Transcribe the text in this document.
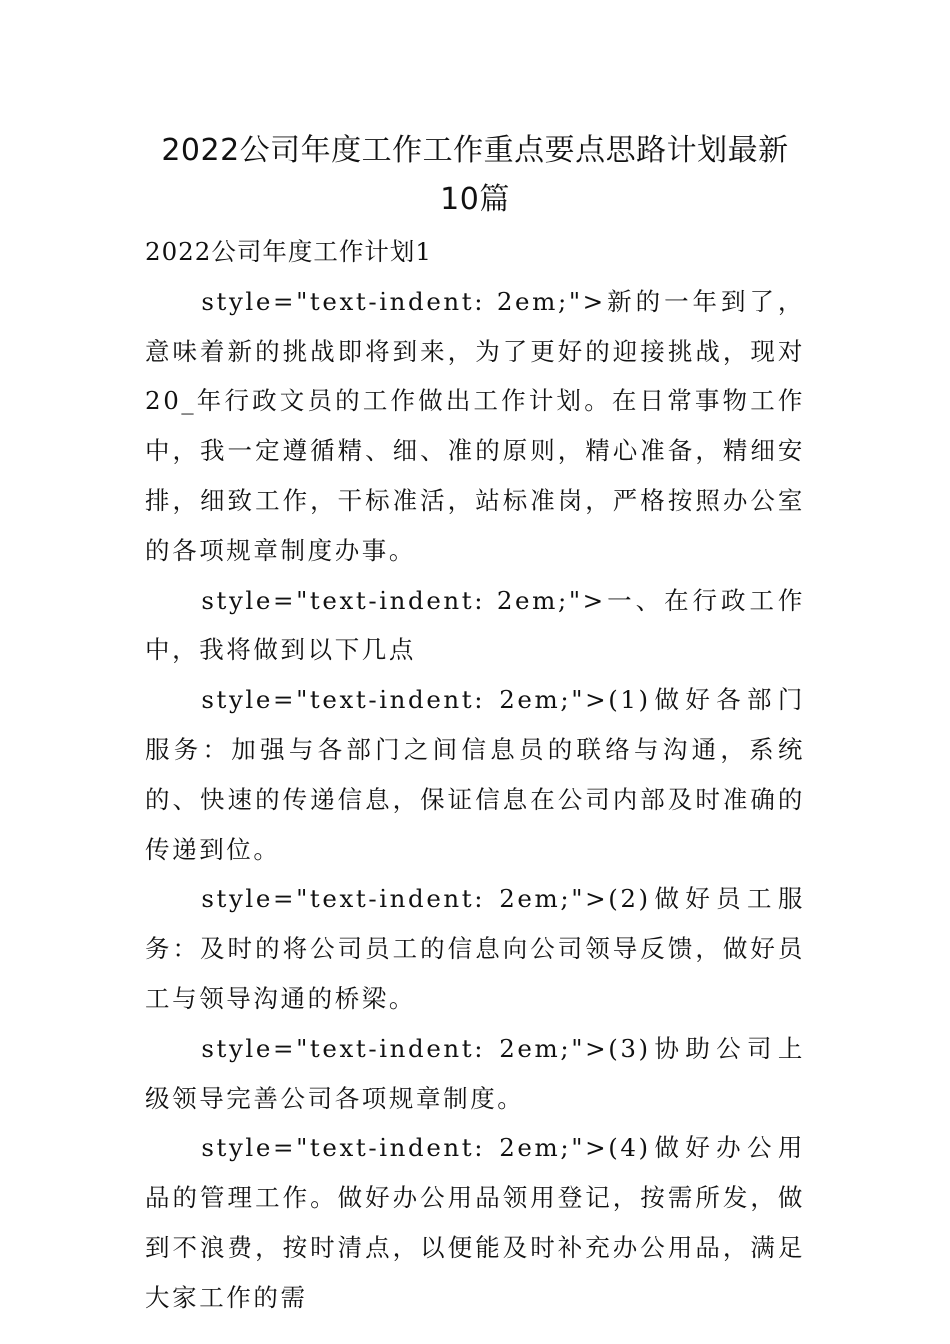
2022公司年度工作工作重点要点思路计划最新10篇

2022公司年度工作计划1

style="text-indent: 2em;">新的一年到了，意味着新的挑战即将到来，为了更好的迎接挑战，现对20_年行政文员的工作做出工作计划。在日常事物工作中，我一定遵循精、细、准的原则，精心准备，精细安排，细致工作，干标准活，站标准岗，严格按照办公室的各项规章制度办事。

style="text-indent: 2em;">一、在行政工作中，我将做到以下几点

style="text-indent: 2em;">(1)做好各部门服务：加强与各部门之间信息员的联络与沟通，系统的、快速的传递信息，保证信息在公司内部及时准确的传递到位。

style="text-indent: 2em;">(2)做好员工服务：及时的将公司员工的信息向公司领导反馈，做好员工与领导沟通的桥梁。

style="text-indent: 2em;">(3)协助公司上级领导完善公司各项规章制度。

style="text-indent: 2em;">(4)做好办公用品的管理工作。做好办公用品领用登记，按需所发，做到不浪费，按时清点，以便能及时补充办公用品，满足大家工作的需
